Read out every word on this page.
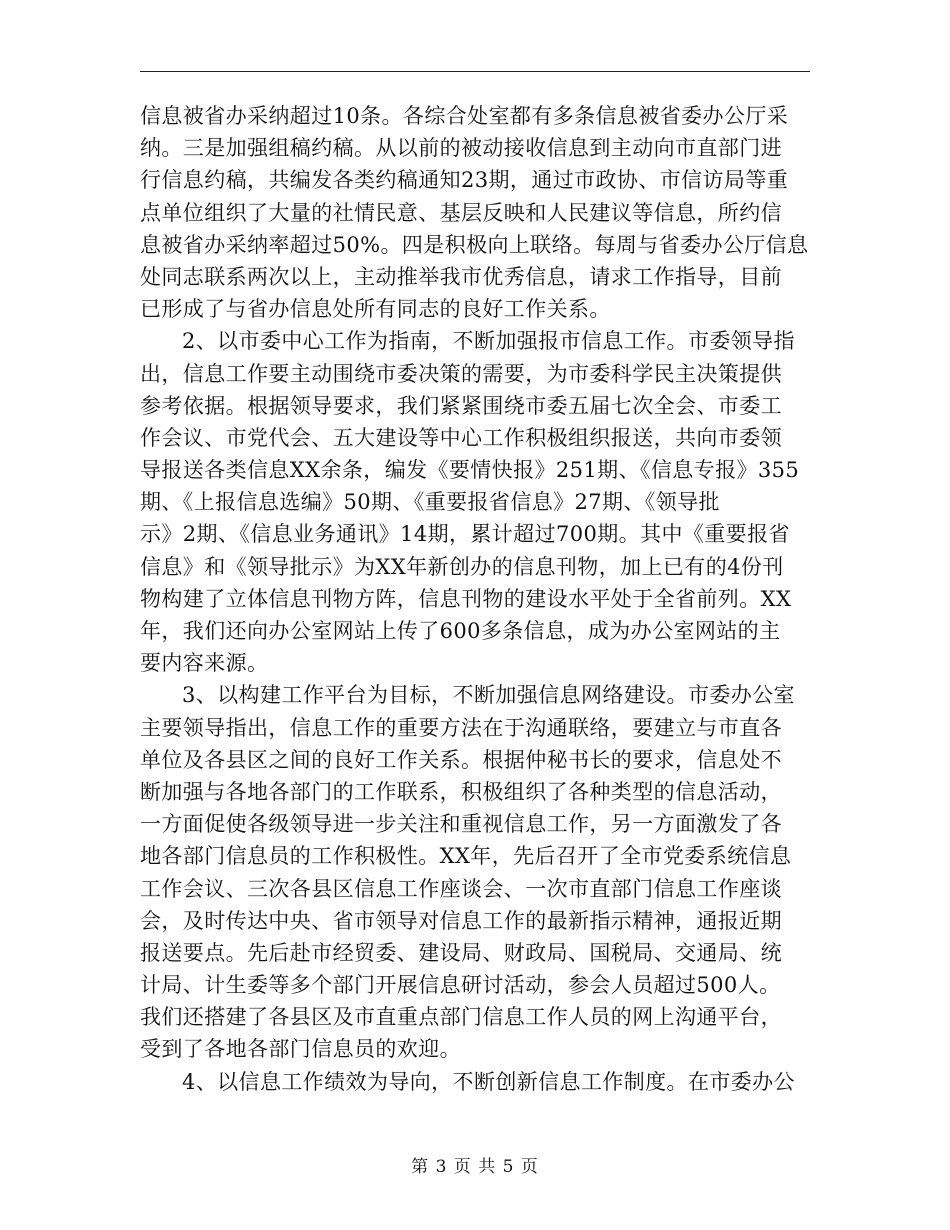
信息被省办采纳超过10条。各综合处室都有多条信息被省委办公厅采
纳。三是加强组稿约稿。从以前的被动接收信息到主动向市直部门进
行信息约稿，共编发各类约稿通知23期，通过市政协、市信访局等重
点单位组织了大量的社情民意、基层反映和人民建议等信息，所约信
息被省办采纳率超过50%。四是积极向上联络。每周与省委办公厅信息
处同志联系两次以上，主动推举我市优秀信息，请求工作指导，目前
已形成了与省办信息处所有同志的良好工作关系。
2、以市委中心工作为指南，不断加强报市信息工作。市委领导指
出，信息工作要主动围绕市委决策的需要，为市委科学民主决策提供
参考依据。根据领导要求，我们紧紧围绕市委五届七次全会、市委工
作会议、市党代会、五大建设等中心工作积极组织报送，共向市委领
导报送各类信息XX余条，编发《要情快报》251期、《信息专报》355
期、《上报信息选编》50期、《重要报省信息》27期、《领导批
示》2期、《信息业务通讯》14期，累计超过700期。其中《重要报省
信息》和《领导批示》为XX年新创办的信息刊物，加上已有的4份刊
物构建了立体信息刊物方阵，信息刊物的建设水平处于全省前列。XX
年，我们还向办公室网站上传了600多条信息，成为办公室网站的主
要内容来源。
3、以构建工作平台为目标，不断加强信息网络建设。市委办公室
主要领导指出，信息工作的重要方法在于沟通联络，要建立与市直各
单位及各县区之间的良好工作关系。根据仲秘书长的要求，信息处不
断加强与各地各部门的工作联系，积极组织了各种类型的信息活动，
一方面促使各级领导进一步关注和重视信息工作，另一方面激发了各
地各部门信息员的工作积极性。XX年，先后召开了全市党委系统信息
工作会议、三次各县区信息工作座谈会、一次市直部门信息工作座谈
会，及时传达中央、省市领导对信息工作的最新指示精神，通报近期
报送要点。先后赴市经贸委、建设局、财政局、国税局、交通局、统
计局、计生委等多个部门开展信息研讨活动，参会人员超过500人。
我们还搭建了各县区及市直重点部门信息工作人员的网上沟通平台，
受到了各地各部门信息员的欢迎。
4、以信息工作绩效为导向，不断创新信息工作制度。在市委办公
第 3 页 共 5 页
